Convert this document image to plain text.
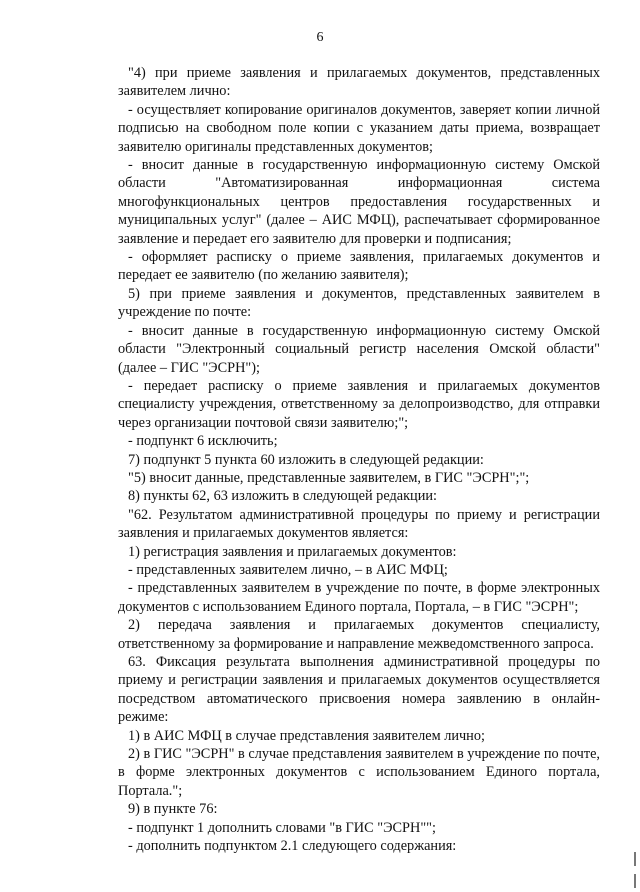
6

"4) при приеме заявления и прилагаемых документов, представленных заявителем лично:

- осуществляет копирование оригиналов документов, заверяет копии личной подписью на свободном поле копии с указанием даты приема, возвращает заявителю оригиналы представленных документов;

- вносит данные в государственную информационную систему Омской области "Автоматизированная информационная система многофункциональных центров предоставления государственных и муниципальных услуг" (далее – АИС МФЦ), распечатывает сформированное заявление и передает его заявителю для проверки и подписания;

- оформляет расписку о приеме заявления, прилагаемых документов и передает ее заявителю (по желанию заявителя);

5) при приеме заявления и документов, представленных заявителем в учреждение по почте:

- вносит данные в государственную информационную систему Омской области "Электронный социальный регистр населения Омской области" (далее – ГИС "ЭСРН");

- передает расписку о приеме заявления и прилагаемых документов специалисту учреждения, ответственному за делопроизводство, для отправки через организации почтовой связи заявителю;";

- подпункт 6 исключить;

7) подпункт 5 пункта 60 изложить в следующей редакции:

"5) вносит данные, представленные заявителем, в ГИС "ЭСРН";";

8) пункты 62, 63 изложить в следующей редакции:

"62. Результатом административной процедуры по приему и регистрации заявления и прилагаемых документов является:

1) регистрация заявления и прилагаемых документов:

- представленных заявителем лично, – в АИС МФЦ;

- представленных заявителем в учреждение по почте, в форме электронных документов с использованием Единого портала, Портала, – в ГИС "ЭСРН";

2) передача заявления и прилагаемых документов специалисту, ответственному за формирование и направление межведомственного запроса.

63. Фиксация результата выполнения административной процедуры по приему и регистрации заявления и прилагаемых документов осуществляется посредством автоматического присвоения номера заявлению в онлайн-режиме:

1) в АИС МФЦ в случае представления заявителем лично;

2) в ГИС "ЭСРН" в случае представления заявителем в учреждение по почте, в форме электронных документов с использованием Единого портала, Портала.";

9) в пункте 76:

- подпункт 1 дополнить словами "в ГИС "ЭСРН"";

- дополнить подпунктом 2.1 следующего содержания:
